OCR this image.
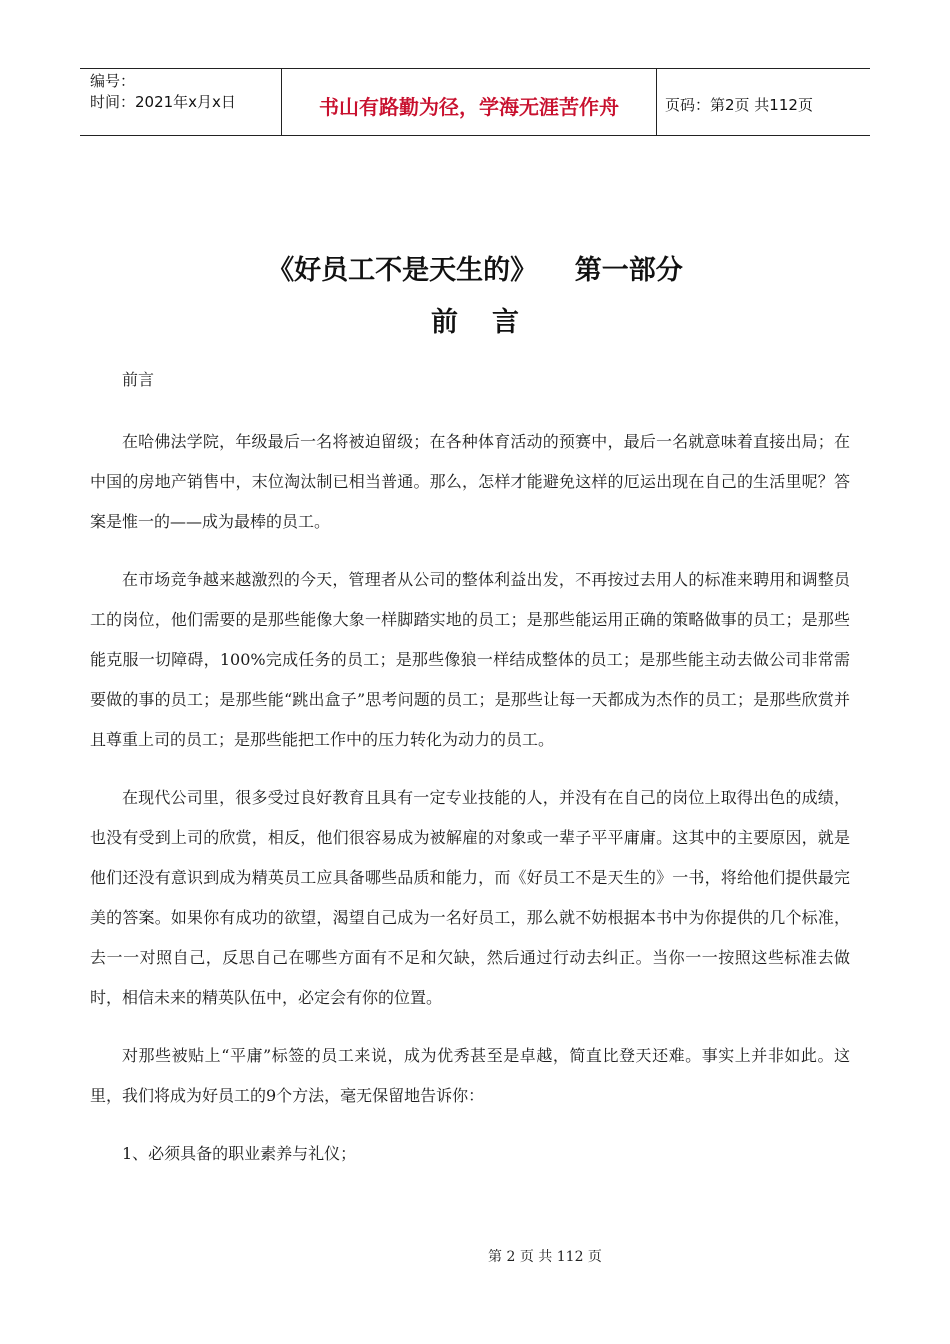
编号：
时间：2021年x月x日	书山有路勤为径，学海无涯苦作舟	页码：第2页 共112页
《好员工不是天生的》    第一部分
前言

前言

在哈佛法学院，年级最后一名将被迫留级；在各种体育活动的预赛中，最后一名就意味着直接出局；在中国的房地产销售中，末位淘汰制已相当普通。那么，怎样才能避免这样的厄运出现在自己的生活里呢？答案是惟一的——成为最棒的员工。

在市场竞争越来越激烈的今天，管理者从公司的整体利益出发，不再按过去用人的标准来聘用和调整员工的岗位，他们需要的是那些能像大象一样脚踏实地的员工；是那些能运用正确的策略做事的员工；是那些能克服一切障碍，100%完成任务的员工；是那些像狼一样结成整体的员工；是那些能主动去做公司非常需要做的事的员工；是那些能“跳出盒子”思考问题的员工；是那些让每一天都成为杰作的员工；是那些欣赏并且尊重上司的员工；是那些能把工作中的压力转化为动力的员工。

在现代公司里，很多受过良好教育且具有一定专业技能的人，并没有在自己的岗位上取得出色的成绩，也没有受到上司的欣赏，相反，他们很容易成为被解雇的对象或一辈子平平庸庸。这其中的主要原因，就是他们还没有意识到成为精英员工应具备哪些品质和能力，而《好员工不是天生的》一书，将给他们提供最完美的答案。如果你有成功的欲望，渴望自己成为一名好员工，那么就不妨根据本书中为你提供的几个标准，去一一对照自己，反思自己在哪些方面有不足和欠缺，然后通过行动去纠正。当你一一按照这些标准去做时，相信未来的精英队伍中，必定会有你的位置。

对那些被贴上“平庸”标签的员工来说，成为优秀甚至是卓越，简直比登天还难。事实上并非如此。这里，我们将成为好员工的9个方法，毫无保留地告诉你：

1、必须具备的职业素养与礼仪；

第 2 页 共 112 页
